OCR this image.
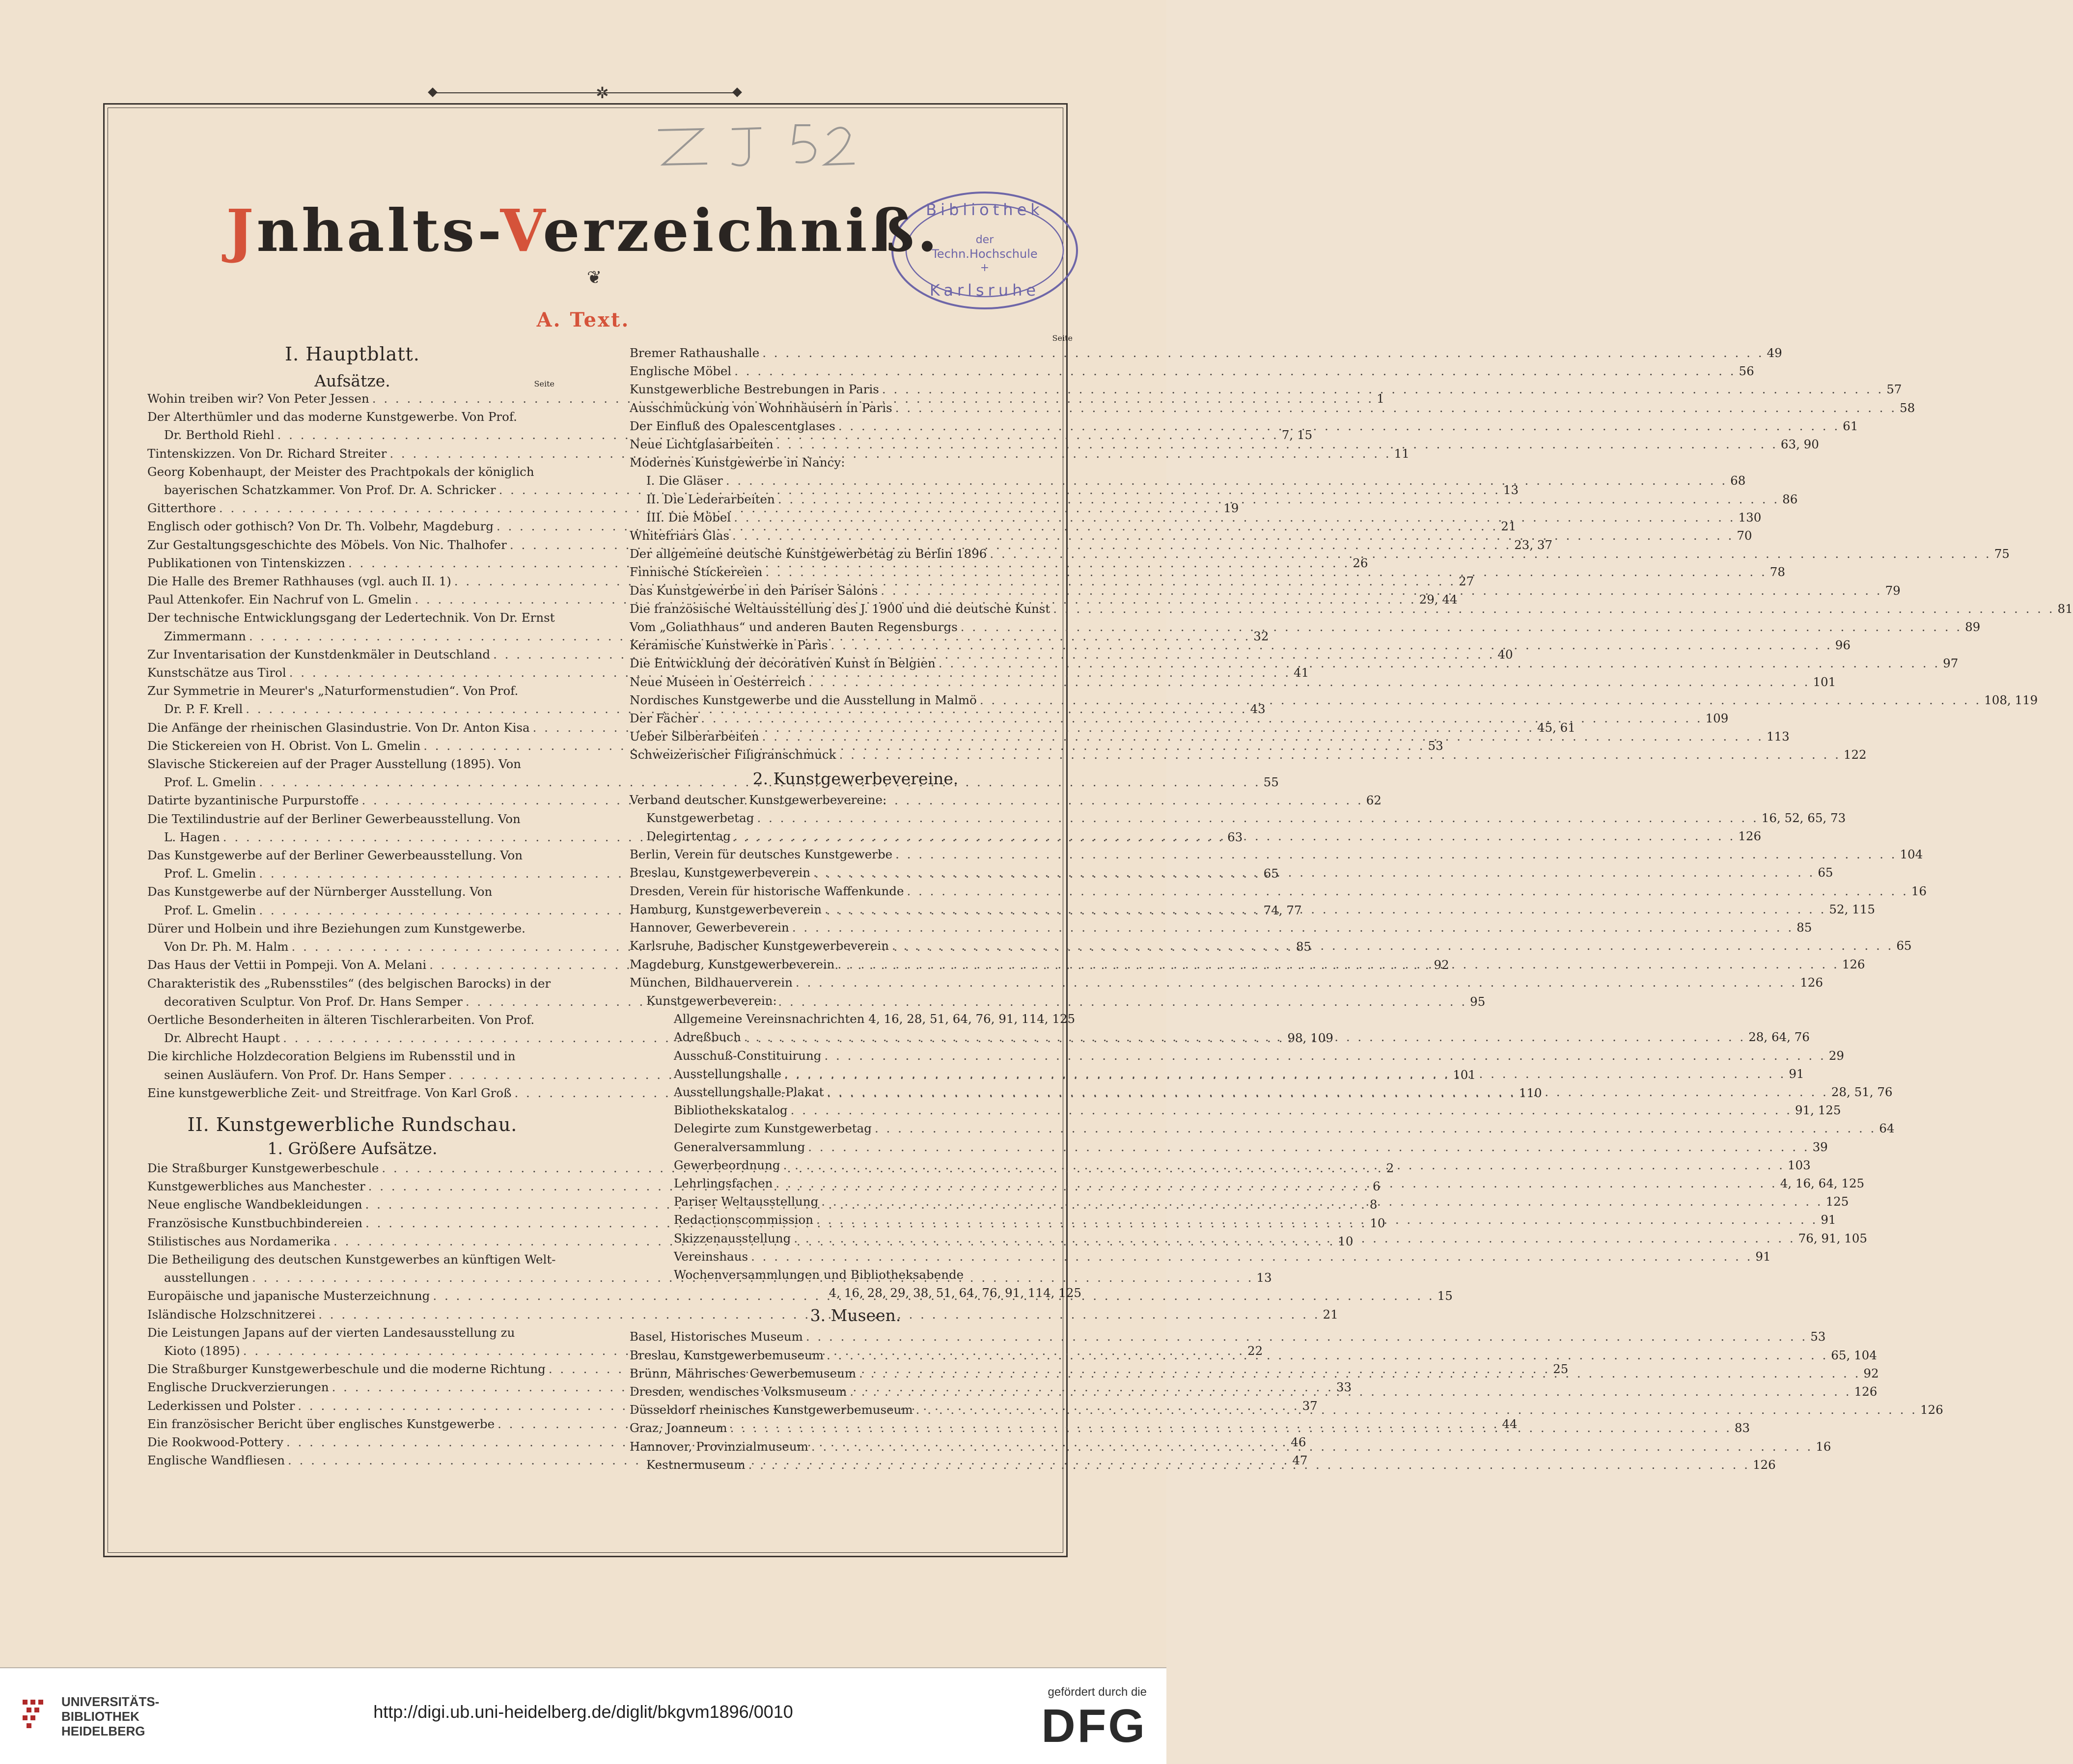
✲
Bibliothek
der
Techn.Hochschule
+
Karlsruhe
Jnhalts-Verzeichniß.
❦
A. Text.
I. Hauptblatt.
Aufsätze.	Seite
Wohin treiben wir? Von Peter Jessen . . .	1
Der Alterthümler und das moderne Kunstgewerbe. Von Prof.
Dr. Berthold Riehl . . .	7, 15
Tintenskizzen. Von Dr. Richard Streiter . . .	11
Georg Kobenhaupt, der Meister des Prachtpokals der königlich
bayerischen Schatzkammer. Von Prof. Dr. A. Schricker . . .	13
Gitterthore . . .	19
Englisch oder gothisch? Von Dr. Th. Volbehr, Magdeburg . . .	21
Zur Gestaltungsgeschichte des Möbels. Von Nic. Thalhofer . . .	23, 37
Publikationen von Tintenskizzen . . .	26
Die Halle des Bremer Rathhauses (vgl. auch II. 1) . . .	27
Paul Attenkofer. Ein Nachruf von L. Gmelin . . .	29, 44
Der technische Entwicklungsgang der Ledertechnik. Von Dr. Ernst
Zimmermann . . .	32
Zur Inventarisation der Kunstdenkmäler in Deutschland . . .	40
Kunstschätze aus Tirol . . .	41
Zur Symmetrie in Meurer's „Naturformenstudien“. Von Prof.
Dr. P. F. Krell . . .	43
Die Anfänge der rheinischen Glasindustrie. Von Dr. Anton Kisa . . .	45, 61
Die Stickereien von H. Obrist. Von L. Gmelin . . .	53
Slavische Stickereien auf der Prager Ausstellung (1895). Von
Prof. L. Gmelin . . .	55
Datirte byzantinische Purpurstoffe . . .	62
Die Textilindustrie auf der Berliner Gewerbeausstellung. Von
L. Hagen . . .	63
Das Kunstgewerbe auf der Berliner Gewerbeausstellung. Von
Prof. L. Gmelin . . .	65
Das Kunstgewerbe auf der Nürnberger Ausstellung. Von
Prof. L. Gmelin . . .	74, 77
Dürer und Holbein und ihre Beziehungen zum Kunstgewerbe.
Von Dr. Ph. M. Halm . . .	85
Das Haus der Vettii in Pompeji. Von A. Melani . . .	92
Charakteristik des „Rubensstiles“ (des belgischen Barocks) in der
decorativen Sculptur. Von Prof. Dr. Hans Semper . . .	95
Oertliche Besonderheiten in älteren Tischlerarbeiten. Von Prof.
Dr. Albrecht Haupt . . .	98, 109
Die kirchliche Holzdecoration Belgiens im Rubensstil und in
seinen Ausläufern. Von Prof. Dr. Hans Semper . . .	101
Eine kunstgewerbliche Zeit- und Streitfrage. Von Karl Groß . . .	110
II. Kunstgewerbliche Rundschau.
1. Größere Aufsätze.
Die Straßburger Kunstgewerbeschule . . .	2
Kunstgewerbliches aus Manchester . . .	6
Neue englische Wandbekleidungen . . .	8
Französische Kunstbuchbindereien . . .	10
Stilistisches aus Nordamerika . . .	10
Die Betheiligung des deutschen Kunstgewerbes an künftigen Welt-
ausstellungen . . .	13
Europäische und japanische Musterzeichnung . . .	15
Isländische Holzschnitzerei . . .	21
Die Leistungen Japans auf der vierten Landesausstellung zu
Kioto (1895) . . .	22
Die Straßburger Kunstgewerbeschule und die moderne Richtung . . .	25
Englische Druckverzierungen . . .	33
Lederkissen und Polster . . .	37
Ein französischer Bericht über englisches Kunstgewerbe . . .	44
Die Rookwood-Pottery . . .	46
Englische Wandfliesen . . .	47
Seite
Bremer Rathaushalle . . .	49
Englische Möbel . . .	56
Kunstgewerbliche Bestrebungen in Paris . . .	57
Ausschmückung von Wohnhäusern in Paris . . .	58
Der Einfluß des Opalescentglases . . .	61
Neue Lichtglasarbeiten . . .	63, 90
Modernes Kunstgewerbe in Nancy:
I. Die Gläser . . .	68
II. Die Lederarbeiten . . .	86
III. Die Möbel . . .	130
Whitefriars Glas . . .	70
Der allgemeine deutsche Kunstgewerbetag zu Berlin 1896 . . .	75
Finnische Stickereien . . .	78
Das Kunstgewerbe in den Pariser Salons . . .	79
Die französische Weltausstellung des J. 1900 und die deutsche Kunst . . .	81
Vom „Goliathhaus“ und anderen Bauten Regensburgs . . .	89
Keramische Kunstwerke in Paris . . .	96
Die Entwicklung der decorativen Kunst in Belgien . . .	97
Neue Museen in Oesterreich . . .	101
Nordisches Kunstgewerbe und die Ausstellung in Malmö . . .	108, 119
Der Fächer . . .	109
Ueber Silberarbeiten . . .	113
Schweizerischer Filigranschmuck . . .	122
2. Kunstgewerbevereine.
Verband deutscher Kunstgewerbevereine:
Kunstgewerbetag . . .	16, 52, 65, 73
Delegirtentag . . .	126
Berlin, Verein für deutsches Kunstgewerbe . . .	104
Breslau, Kunstgewerbeverein . . .	65
Dresden, Verein für historische Waffenkunde . . .	16
Hamburg, Kunstgewerbeverein . . .	52, 115
Hannover, Gewerbeverein . . .	85
Karlsruhe, Badischer Kunstgewerbeverein . . .	65
Magdeburg, Kunstgewerbeverein . . .	126
München, Bildhauerverein . . .	126
Kunstgewerbeverein:
Allgemeine Vereinsnachrichten 4, 16, 28, 51, 64, 76, 91, 114, 125
Adreßbuch . . .	28, 64, 76
Ausschuß-Constituirung . . .	29
Ausstellungshalle . . .	91
Ausstellungshalle-Plakat . . .	28, 51, 76
Bibliothekskatalog . . .	91, 125
Delegirte zum Kunstgewerbetag . . .	64
Generalversammlung . . .	39
Gewerbeordnung . . .	103
Lehrlingsfachen . . .	4, 16, 64, 125
Pariser Weltausstellung . . .	125
Redactionscommission . . .	91
Skizzenausstellung . . .	76, 91, 105
Vereinshaus . . .	91
Wochenversammlungen und Bibliotheksabende
4, 16, 28, 29, 38, 51, 64, 76, 91, 114, 125
3. Museen.
Basel, Historisches Museum . . .	53
Breslau, Kunstgewerbemuseum . . .	65, 104
Brünn, Mährisches Gewerbemuseum . . .	92
Dresden, wendisches Volksmuseum . . .	126
Düsseldorf rheinisches Kunstgewerbemuseum . . .	126
Graz, Joanneum . . .	83
Hannover, Provinzialmuseum . . .	16
Kestnermuseum . . .	126
UNIVERSITÄTS-
BIBLIOTHEK
HEIDELBERG
http://digi.ub.uni-heidelberg.de/diglit/bkgvm1896/0010
gefördert durch die
DFG
